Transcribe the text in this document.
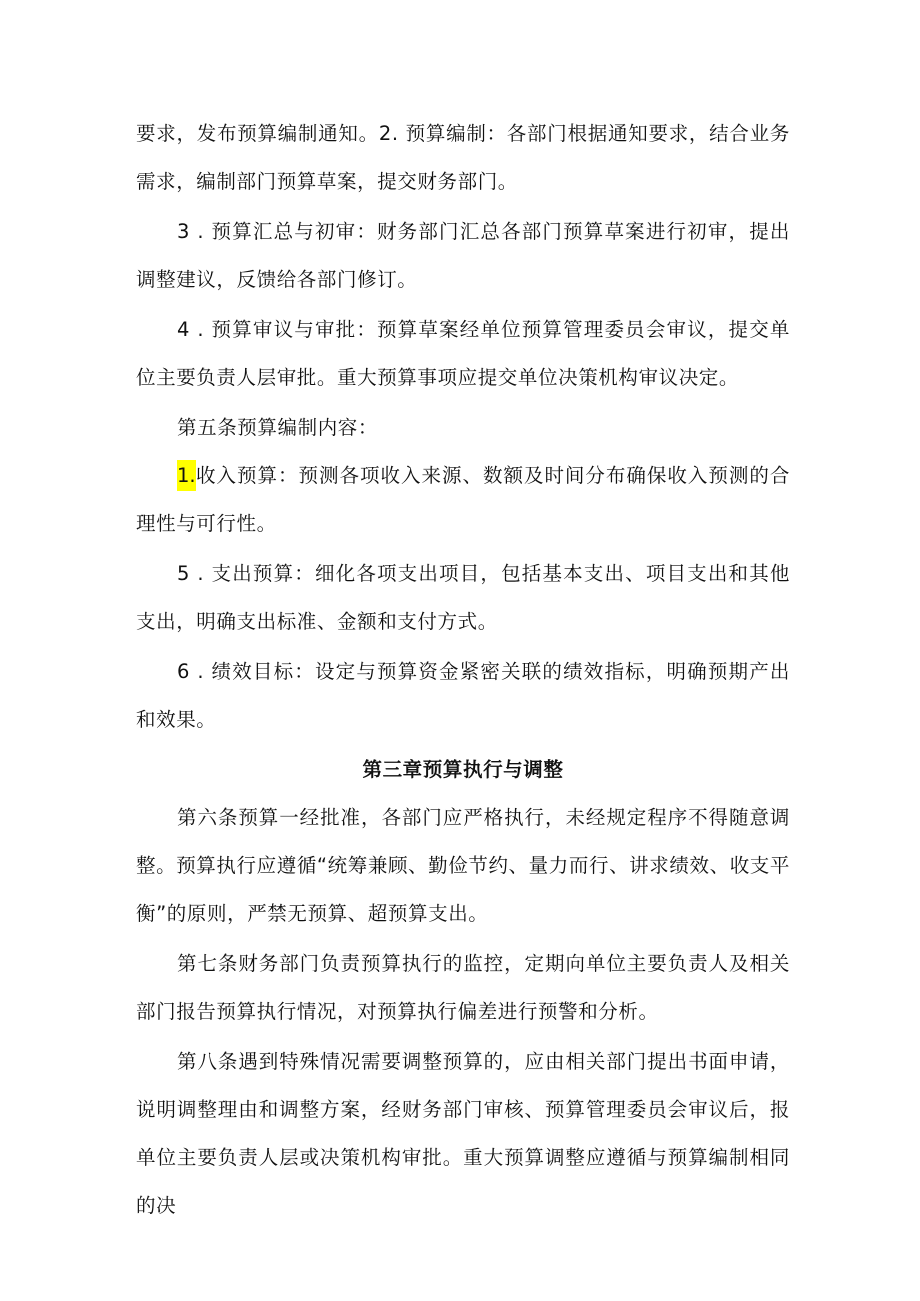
要求，发布预算编制通知。2. 预算编制：各部门根据通知要求，结合业务需求，编制部门预算草案，提交财务部门。

3 . 预算汇总与初审：财务部门汇总各部门预算草案进行初审，提出调整建议，反馈给各部门修订。

4 . 预算审议与审批：预算草案经单位预算管理委员会审议，提交单位主要负责人层审批。重大预算事项应提交单位决策机构审议决定。

第五条预算编制内容：

1.收入预算：预测各项收入来源、数额及时间分布确保收入预测的合理性与可行性。

5 . 支出预算：细化各项支出项目，包括基本支出、项目支出和其他支出，明确支出标准、金额和支付方式。

6 . 绩效目标：设定与预算资金紧密关联的绩效指标，明确预期产出和效果。

第三章预算执行与调整

第六条预算一经批准，各部门应严格执行，未经规定程序不得随意调整。预算执行应遵循“统筹兼顾、勤俭节约、量力而行、讲求绩效、收支平衡”的原则，严禁无预算、超预算支出。

第七条财务部门负责预算执行的监控，定期向单位主要负责人及相关部门报告预算执行情况，对预算执行偏差进行预警和分析。

第八条遇到特殊情况需要调整预算的，应由相关部门提出书面申请，说明调整理由和调整方案，经财务部门审核、预算管理委员会审议后，报单位主要负责人层或决策机构审批。重大预算调整应遵循与预算编制相同的决
